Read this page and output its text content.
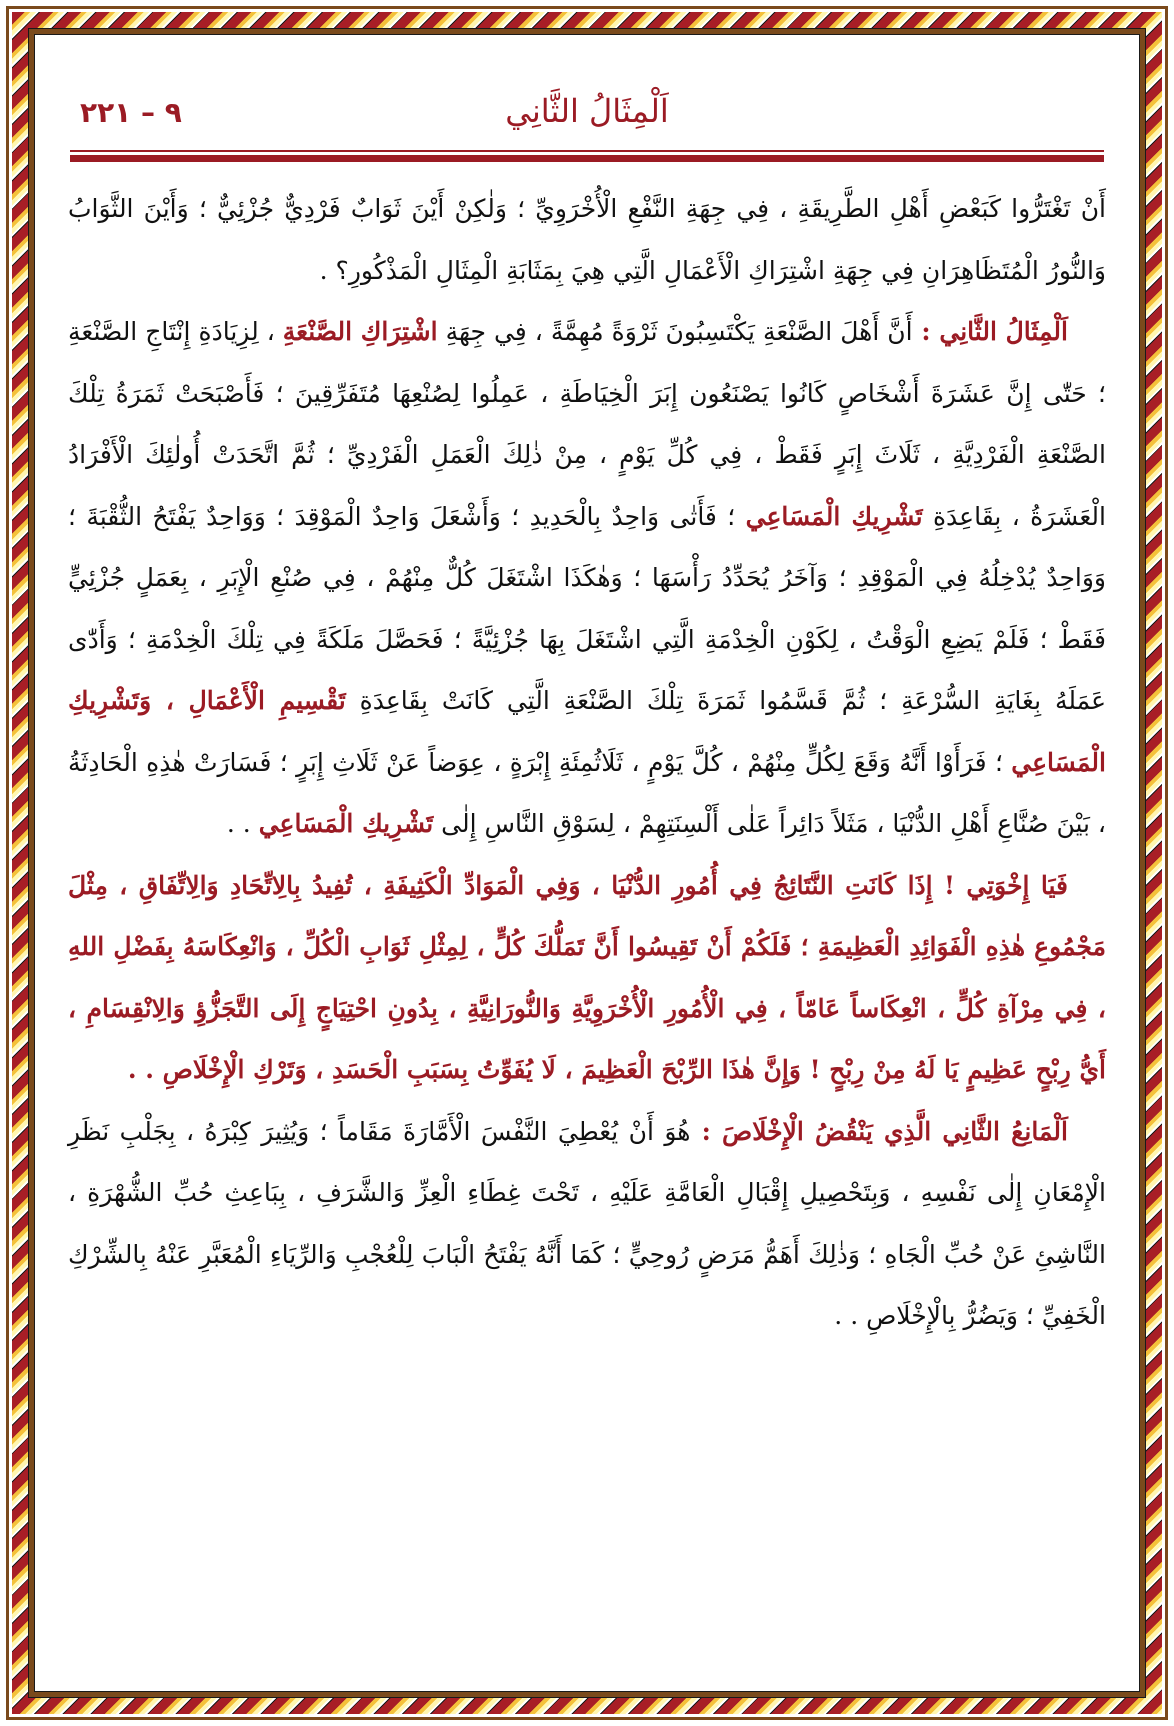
٩ – ٢٢١	اَلْمِثَالُ الثَّانِي

أَنْ تَغْتَرُّوا كَبَعْضِ أَهْلِ الطَّرِيقَةِ ، فِي جِهَةِ النَّفْعِ الْأُخْرَوِيِّ ؛ وَلٰكِنْ أَيْنَ ثَوَابٌ فَرْدِيٌّ جُزْئِيٌّ ؛ وَأَيْنَ الثَّوَابُ وَالنُّورُ الْمُتَظَاهِرَانِ فِي جِهَةِ اشْتِرَاكِ الْأَعْمَالِ الَّتِي هِيَ بِمَثَابَةِ الْمِثَالِ الْمَذْكُورِ؟ .

اَلْمِثَالُ الثَّانِي : أَنَّ أَهْلَ الصَّنْعَةِ يَكْتَسِبُونَ ثَرْوَةً مُهِمَّةً ، فِي جِهَةِ اشْتِرَاكِ الصَّنْعَةِ ، لِزِيَادَةِ إِنْتَاجِ الصَّنْعَةِ ؛ حَتّٰى إِنَّ عَشَرَةَ أَشْخَاصٍ كَانُوا يَصْنَعُون إِبَرَ الْخِيَاطَةِ ، عَمِلُوا لِصُنْعِهَا مُتَفَرِّقِينَ ؛ فَأَصْبَحَتْ ثَمَرَةُ تِلْكَ الصَّنْعَةِ الْفَرْدِيَّةِ ، ثَلَاثَ إِبَرٍ فَقَطْ ، فِي كُلِّ يَوْمٍ ، مِنْ ذٰلِكَ الْعَمَلِ الْفَرْدِيِّ ؛ ثُمَّ اتَّحَدَتْ أُولٰئِكَ الْأَفْرَادُ الْعَشَرَةُ ، بِقَاعِدَةِ تَشْرِيكِ الْمَسَاعِي ؛ فَأَتٰى وَاحِدٌ بِالْحَدِيدِ ؛ وَأَشْعَلَ وَاحِدٌ الْمَوْقِدَ ؛ وَوَاحِدٌ يَفْتَحُ الثُّقْبَةَ ؛ وَوَاحِدٌ يُدْخِلُهُ فِي الْمَوْقِدِ ؛ وَآخَرُ يُحَدِّدُ رَأْسَهَا ؛ وَهٰكَذَا اشْتَغَلَ كُلٌّ مِنْهُمْ ، فِي صُنْعِ الْإِبَرِ ، بِعَمَلٍ جُزْئِيٍّ فَقَطْ ؛ فَلَمْ يَضِعِ الْوَقْتُ ، لِكَوْنِ الْخِدْمَةِ الَّتِي اشْتَغَلَ بِهَا جُزْئِيَّةً ؛ فَحَصَّلَ مَلَكَةً فِي تِلْكَ الْخِدْمَةِ ؛ وَأَدّٰى عَمَلَهُ بِغَايَةِ السُّرْعَةِ ؛ ثُمَّ قَسَّمُوا ثَمَرَةَ تِلْكَ الصَّنْعَةِ الَّتِي كَانَتْ بِقَاعِدَةِ تَقْسِيمِ الْأَعْمَالِ ، وَتَشْرِيكِ الْمَسَاعِي ؛ فَرَأَوْا أَنَّهُ وَقَعَ لِكُلٍّ مِنْهُمْ ، كُلَّ يَوْمٍ ، ثَلَاثُمِئَةِ إِبْرَةٍ ، عِوَضاً عَنْ ثَلَاثِ إِبَرٍ ؛ فَسَارَتْ هٰذِهِ الْحَادِثَةُ ، بَيْنَ صُنَّاعِ أَهْلِ الدُّنْيَا ، مَثَلاً دَائِراً عَلٰى أَلْسِنَتِهِمْ ، لِسَوْقِ النَّاسِ إِلٰى تَشْرِيكِ الْمَسَاعِي . .

فَيَا إِخْوَتِي ! إِذَا كَانَتِ النَّتَائِجُ فِي أُمُورِ الدُّنْيَا ، وَفِي الْمَوَادِّ الْكَثِيفَةِ ، تُفِيدُ بِالِاتِّحَادِ وَالِاتِّفَاقِ ، مِثْلَ مَجْمُوعِ هٰذِهِ الْفَوَائِدِ الْعَظِيمَةِ ؛ فَلَكُمْ أَنْ تَقِيسُوا أَنَّ تَمَلُّكَ كُلٍّ ، لِمِثْلِ ثَوَابِ الْكُلِّ ، وَانْعِكَاسَهُ بِفَضْلِ اللهِ ، فِي مِرْآةِ كُلٍّ ، انْعِكَاساً عَامّاً ، فِي الْأُمُورِ الْأُخْرَوِيَّةِ وَالنُّورَانِيَّةِ ، بِدُونِ احْتِيَاجٍ إِلَى التَّجَزُّؤِ وَالِانْقِسَامِ ، أَيُّ رِبْحٍ عَظِيمٍ يَا لَهُ مِنْ رِبْحٍ ! وَإِنَّ هٰذَا الرِّبْحَ الْعَظِيمَ ، لَا يُفَوِّتُ بِسَبَبِ الْحَسَدِ ، وَتَرْكِ الْإِخْلَاصِ . .

اَلْمَانِعُ الثَّانِي الَّذِي يَنْقُضُ الْإِخْلَاصَ : هُوَ أَنْ يُعْطِيَ النَّفْسَ الْأَمَّارَةَ مَقَاماً ؛ وَيُثِيرَ كِبْرَهُ ، بِجَلْبِ نَظَرِ الْإِمْعَانِ إِلٰى نَفْسِهِ ، وَبِتَحْصِيلِ إِقْبَالِ الْعَامَّةِ عَلَيْهِ ، تَحْتَ غِطَاءِ الْعِزِّ وَالشَّرَفِ ، بِبَاعِثِ حُبِّ الشُّهْرَةِ ، النَّاشِئِ عَنْ حُبِّ الْجَاهِ ؛ وَذٰلِكَ أَهَمُّ مَرَضٍ رُوحِيٍّ ؛ كَمَا أَنَّهُ يَفْتَحُ الْبَابَ لِلْعُجْبِ وَالرِّيَاءِ الْمُعَبَّرِ عَنْهُ بِالشِّرْكِ الْخَفِيِّ ؛ وَيَضُرُّ بِالْإِخْلَاصِ . .
